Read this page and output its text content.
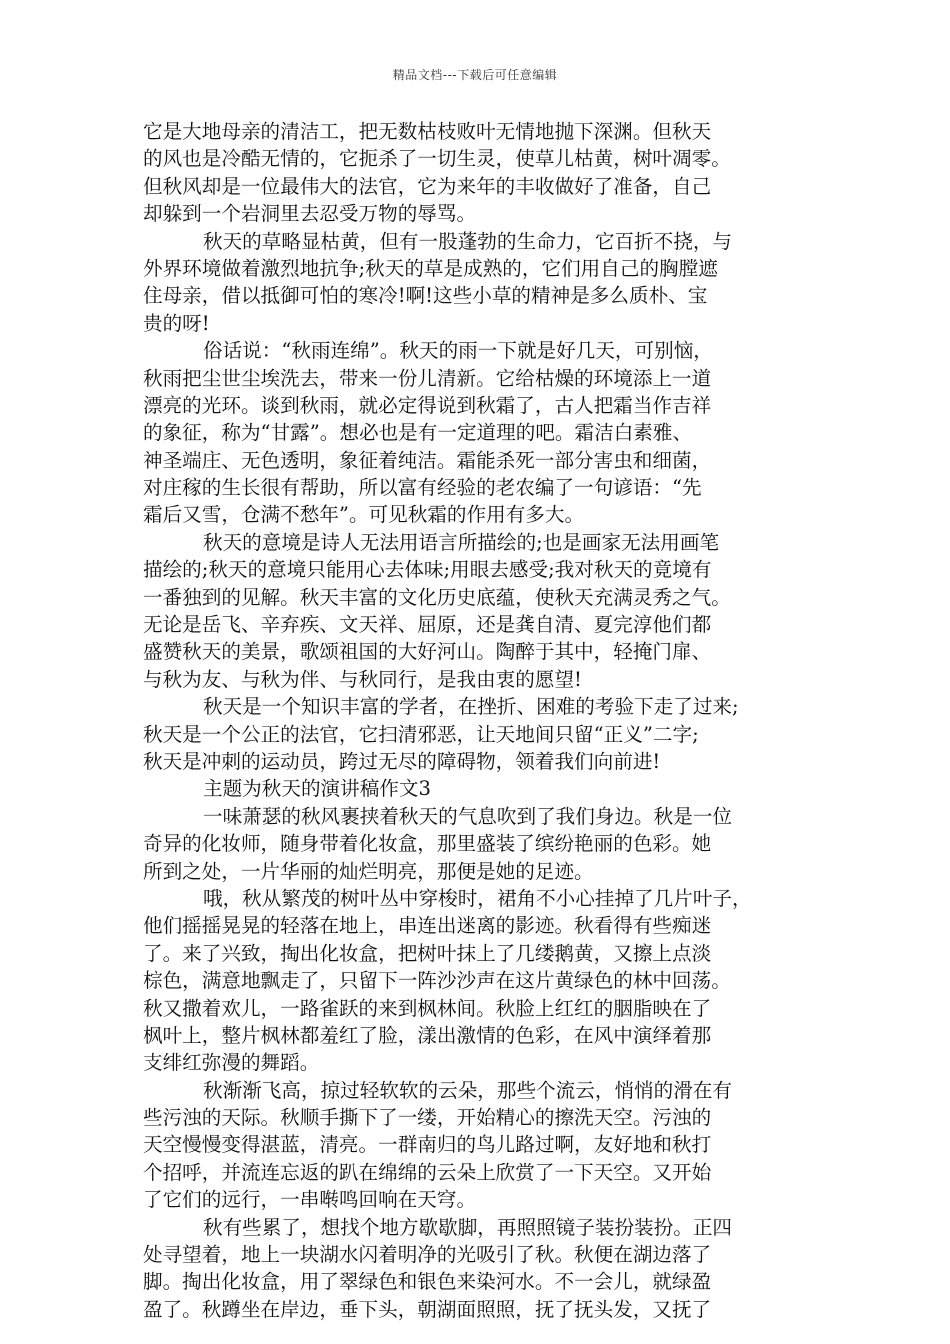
精品文档---下载后可任意编辑
它是大地母亲的清洁工，把无数枯枝败叶无情地抛下深渊。但秋天
的风也是冷酷无情的，它扼杀了一切生灵，使草儿枯黄，树叶凋零。
但秋风却是一位最伟大的法官，它为来年的丰收做好了准备，自己
却躲到一个岩洞里去忍受万物的辱骂。
秋天的草略显枯黄，但有一股蓬勃的生命力，它百折不挠，与
外界环境做着激烈地抗争;秋天的草是成熟的，它们用自己的胸膛遮
住母亲，借以抵御可怕的寒冷!啊!这些小草的精神是多么质朴、宝
贵的呀!
俗话说：“秋雨连绵”。秋天的雨一下就是好几天，可别恼，
秋雨把尘世尘埃洗去，带来一份儿清新。它给枯燥的环境添上一道
漂亮的光环。谈到秋雨，就必定得说到秋霜了，古人把霜当作吉祥
的象征，称为“甘露”。想必也是有一定道理的吧。霜洁白素雅、
神圣端庄、无色透明，象征着纯洁。霜能杀死一部分害虫和细菌，
对庄稼的生长很有帮助，所以富有经验的老农编了一句谚语：“先
霜后又雪，仓满不愁年”。可见秋霜的作用有多大。
秋天的意境是诗人无法用语言所描绘的;也是画家无法用画笔
描绘的;秋天的意境只能用心去体味;用眼去感受;我对秋天的竟境有
一番独到的见解。秋天丰富的文化历史底蕴，使秋天充满灵秀之气。
无论是岳飞、辛弃疾、文天祥、屈原，还是龚自清、夏完淳他们都
盛赞秋天的美景，歌颂祖国的大好河山。陶醉于其中，轻掩门扉、
与秋为友、与秋为伴、与秋同行，是我由衷的愿望!
秋天是一个知识丰富的学者，在挫折、困难的考验下走了过来;
秋天是一个公正的法官，它扫清邪恶，让天地间只留“正义”二字;
秋天是冲刺的运动员，跨过无尽的障碍物，领着我们向前进!
主题为秋天的演讲稿作文3
一味萧瑟的秋风裹挟着秋天的气息吹到了我们身边。秋是一位
奇异的化妆师，随身带着化妆盒，那里盛装了缤纷艳丽的色彩。她
所到之处，一片华丽的灿烂明亮，那便是她的足迹。
哦，秋从繁茂的树叶丛中穿梭时，裙角不小心挂掉了几片叶子，
他们摇摇晃晃的轻落在地上，串连出迷离的影迹。秋看得有些痴迷
了。来了兴致，掏出化妆盒，把树叶抹上了几缕鹅黄，又擦上点淡
棕色，满意地飘走了，只留下一阵沙沙声在这片黄绿色的林中回荡。
秋又撒着欢儿，一路雀跃的来到枫林间。秋脸上红红的胭脂映在了
枫叶上，整片枫林都羞红了脸，漾出激情的色彩，在风中演绎着那
支绯红弥漫的舞蹈。
秋渐渐飞高，掠过轻软软的云朵，那些个流云，悄悄的滑在有
些污浊的天际。秋顺手撕下了一缕，开始精心的擦洗天空。污浊的
天空慢慢变得湛蓝，清亮。一群南归的鸟儿路过啊，友好地和秋打
个招呼，并流连忘返的趴在绵绵的云朵上欣赏了一下天空。又开始
了它们的远行，一串啭鸣回响在天穹。
秋有些累了，想找个地方歇歇脚，再照照镜子装扮装扮。正四
处寻望着，地上一块湖水闪着明净的光吸引了秋。秋便在湖边落了
脚。掏出化妆盒，用了翠绿色和银色来染河水。不一会儿，就绿盈
盈了。秋蹲坐在岸边，垂下头，朝湖面照照，抚了抚头发，又抚了
